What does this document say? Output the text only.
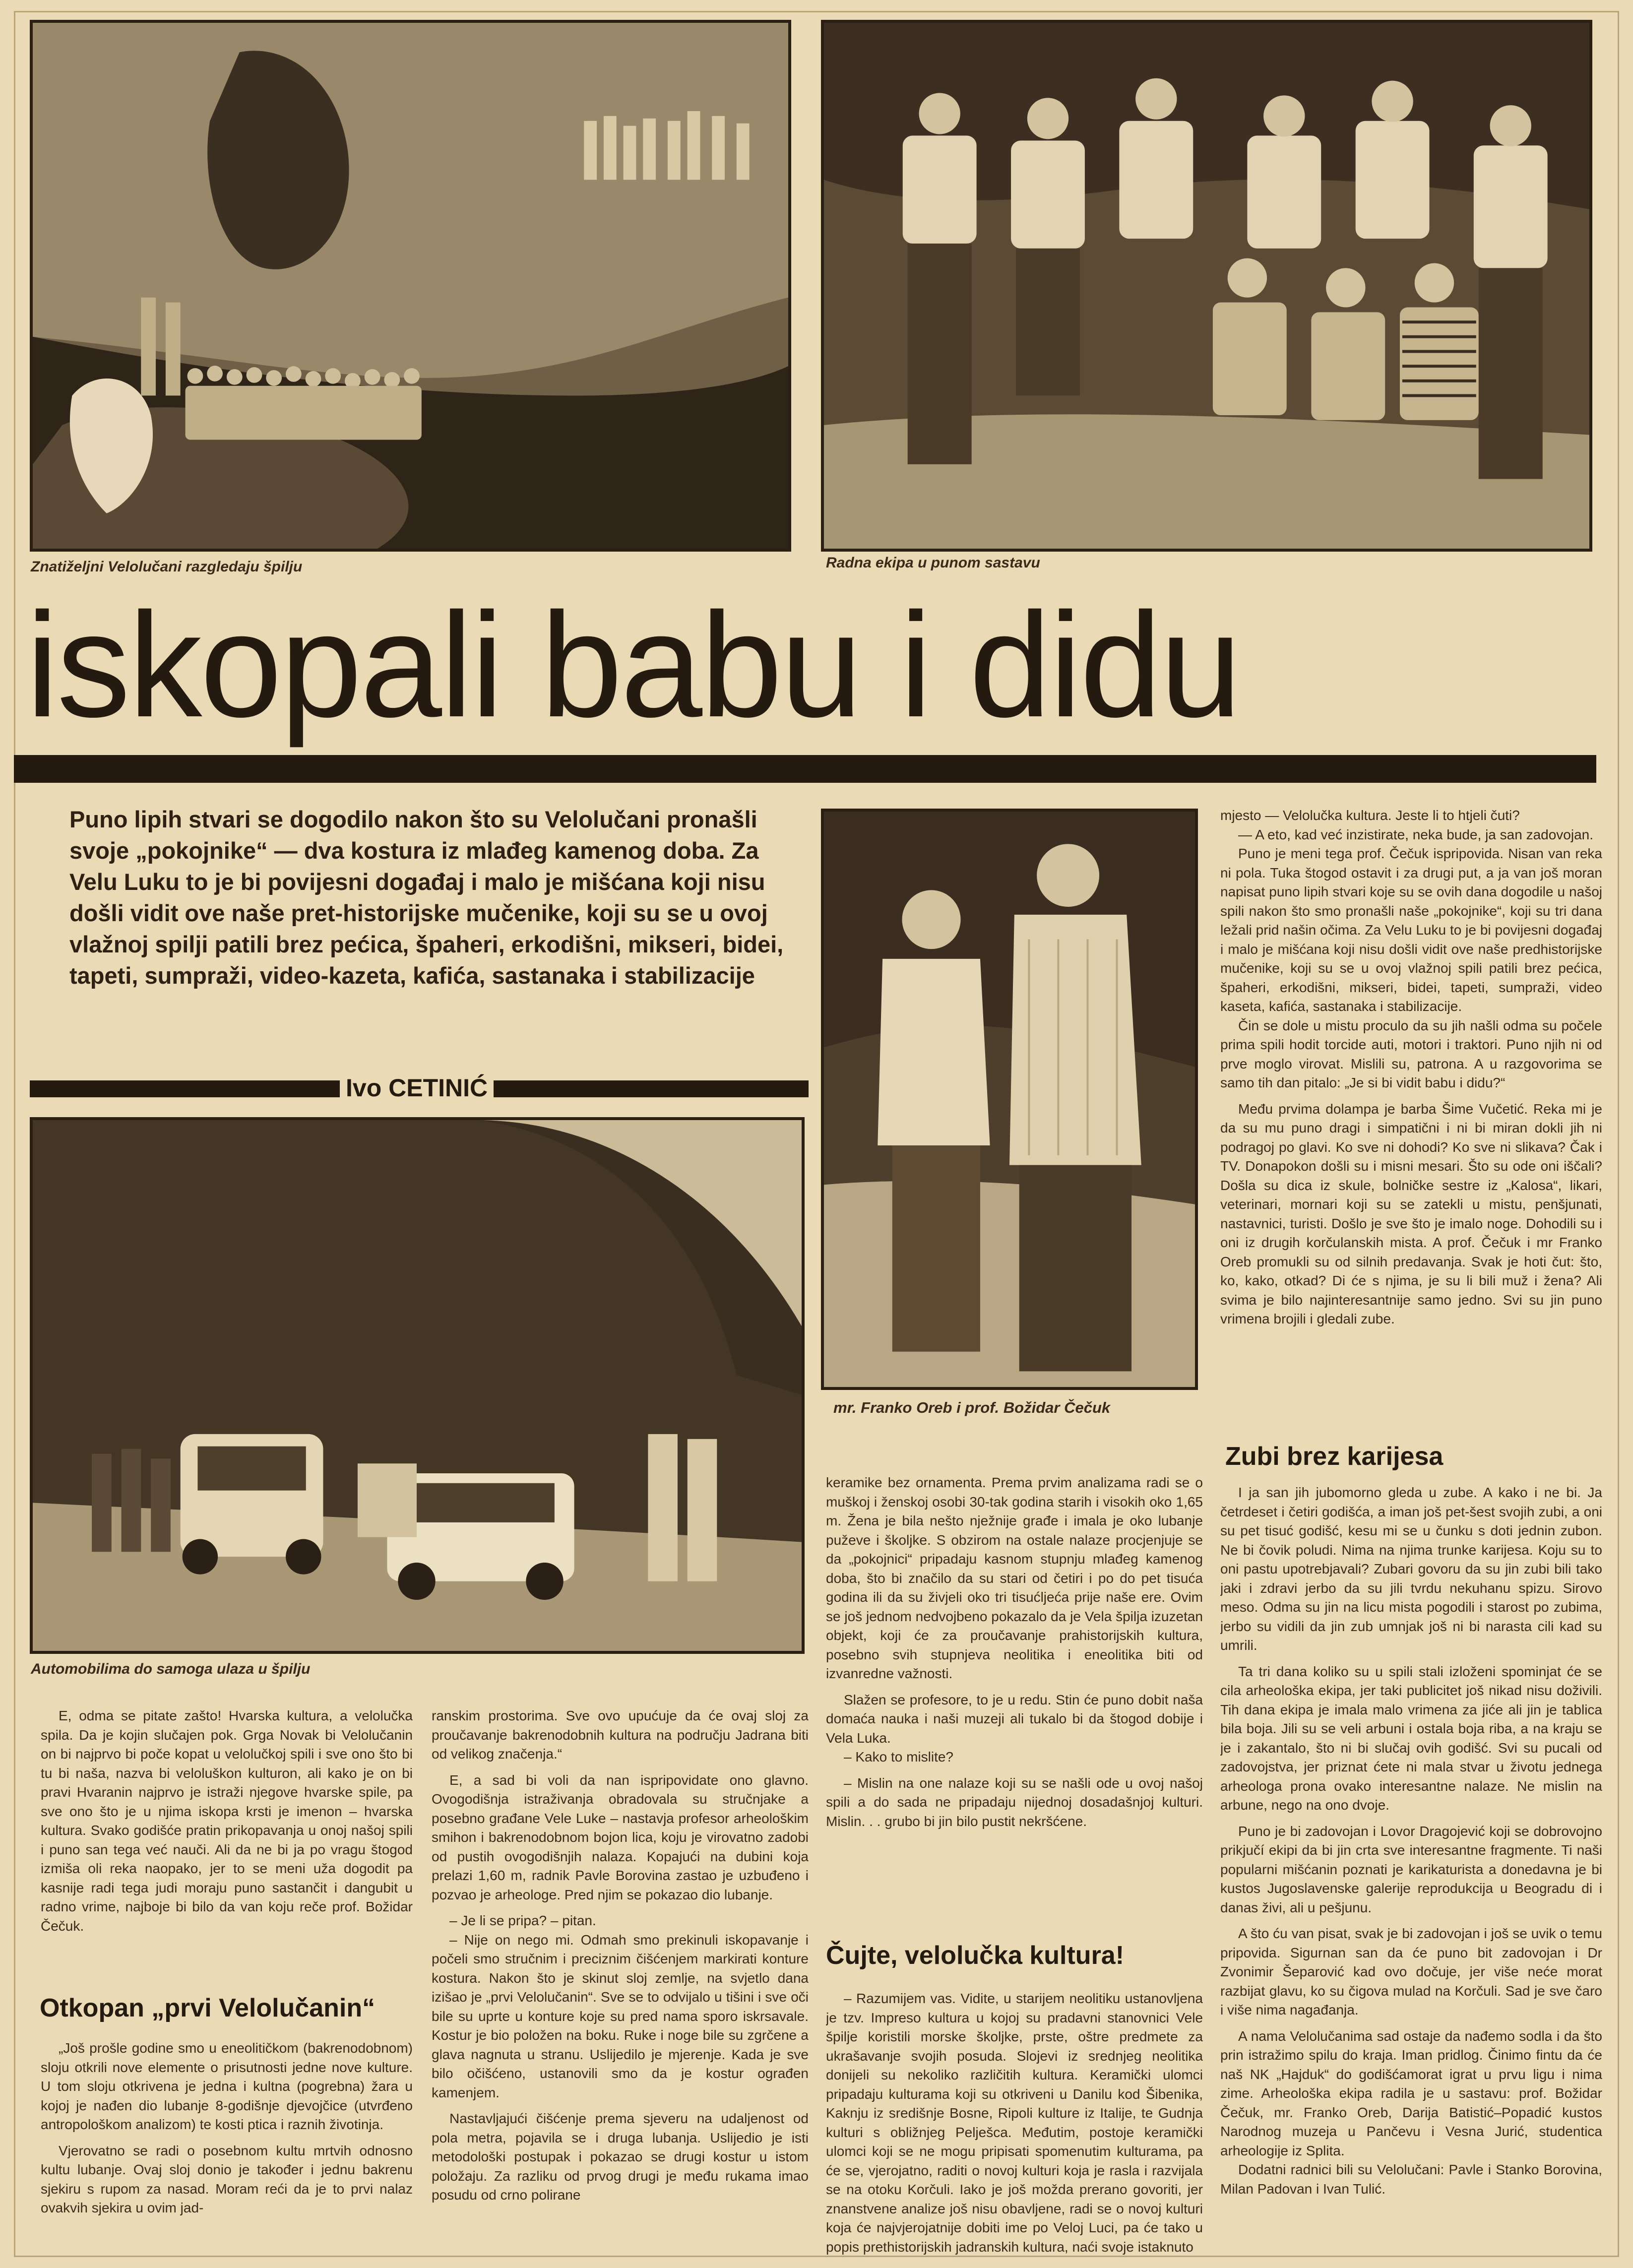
Znatiželjni Velolučani razgledaju špilju	Radna ekipa u punom sastavu
iskopali babu i didu
Puno lipih stvari se dogodilo nakon što su Velolučani pronašli svoje „pokojnike“ — dva kostura iz mlađeg kamenog doba. Za Velu Luku to je bi povijesni događaj i malo je mišćana koji nisu došli vidit ove naše pret-historijske mučenike, koji su se u ovoj vlažnoj spilji patili brez pećica, špaheri, erkodišni, mikseri, bidei, tapeti, sumpraži, video-kazeta, kafića, sastanaka i stabilizacije
Ivo CETINIĆ
mr. Franko Oreb i prof. Božidar Čečuk
Automobilima do samoga ulaza u špilju

E, odma se pitate zašto! Hvarska kultura, a velolučka spila. Da je kojin slučajen pok. Grga Novak bi Velolučanin on bi najprvo bi poče kopat u velolučkoj spili i sve ono što bi tu bi naša, nazva bi veloluškon kulturon, ali kako je on bi pravi Hvaranin najprvo je istraži njegove hvarske spile, pa sve ono što je u njima iskopa krsti je imenon – hvarska kultura. Svako godišće pratin prikopavanja u onoj našoj spili i puno san tega već nauči. Ali da ne bi ja po vragu štogod izmiša oli reka naopako, jer to se meni uža dogodit pa kasnije radi tega judi moraju puno sastančit i dangubit u radno vrime, najboje bi bilo da van koju reče prof. Božidar Čečuk.

Otkopan „prvi Velolučanin“

„Još prošle godine smo u eneolitičkom (bakrenodobnom) sloju otkrili nove elemente o prisutnosti jedne nove kulture. U tom sloju otkrivena je jedna i kultna (pogrebna) žara u kojoj je nađen dio lubanje 8-godišnje djevojčice (utvrđeno antropološkom analizom) te kosti ptica i raznih životinja.

Vjerovatno se radi o posebnom kultu mrtvih odnosno kultu lubanje. Ovaj sloj donio je također i jednu bakrenu sjekiru s rupom za nasad. Moram reći da je to prvi nalaz ovakvih sjekira u ovim jad-

ranskim prostorima. Sve ovo upućuje da će ovaj sloj za proučavanje bakrenodobnih kultura na području Jadrana biti od velikog značenja.“

E, a sad bi voli da nan ispripovidate ono glavno. Ovogodišnja istraživanja obradovala su stručnjake a posebno građane Vele Luke – nastavja profesor arheološkim smihon i bakrenodobnom bojon lica, koju je virovatno zadobi od pustih ovogodišnjih nalaza. Kopajući na dubini koja prelazi 1,60 m, radnik Pavle Borovina zastao je uzbuđeno i pozvao je arheologe. Pred njim se pokazao dio lubanje.

– Je li se pripa? – pitan.

– Nije on nego mi. Odmah smo prekinuli iskopavanje i počeli smo stručnim i preciznim čišćenjem markirati konture kostura. Nakon što je skinut sloj zemlje, na svjetlo dana izišao je „prvi Velolučanin“. Sve se to odvijalo u tišini i sve oči bile su uprte u konture koje su pred nama sporo iskrsavale. Kostur je bio položen na boku. Ruke i noge bile su zgrčene a glava nagnuta u stranu. Uslijedilo je mjerenje. Kada je sve bilo očišćeno, ustanovili smo da je kostur ograđen kamenjem.

Nastavljajući čišćenje prema sjeveru na udaljenost od pola metra, pojavila se i druga lubanja. Uslijedio je isti metodološki postupak i pokazao se drugi kostur u istom položaju. Za razliku od prvog drugi je među rukama imao posudu od crno polirane

keramike bez ornamenta. Prema prvim analizama radi se o muškoj i ženskoj osobi 30-tak godina starih i visokih oko 1,65 m. Žena je bila nešto nježnije građe i imala je oko lubanje puževe i školjke. S obzirom na ostale nalaze procjenjuje se da „pokojnici“ pripadaju kasnom stupnju mlađeg kamenog doba, što bi značilo da su stari od četiri i po do pet tisuća godina ili da su živjeli oko tri tisućljeća prije naše ere. Ovim se još jednom nedvojbeno pokazalo da je Vela špilja izuzetan objekt, koji će za proučavanje prahistorijskih kultura, posebno svih stupnjeva neolitika i eneolitika biti od izvanredne važnosti.

Slažen se profesore, to je u redu. Stin će puno dobit naša domaća nauka i naši muzeji ali tukalo bi da štogod dobije i Vela Luka.

– Kako to mislite?

– Mislin na one nalaze koji su se našli ode u ovoj našoj spili a do sada ne pripadaju nijednoj dosadašnjoj kulturi. Mislin. . . grubo bi jin bilo pustit nekršćene.

Čujte, velolučka kultura!

– Razumijem vas. Vidite, u starijem neolitiku ustanovljena je tzv. Impreso kultura u kojoj su pradavni stanovnici Vele špilje koristili morske školjke, prste, oštre predmete za ukrašavanje svojih posuda. Slojevi iz srednjeg neolitika donijeli su nekoliko različitih kultura. Keramički ulomci pripadaju kulturama koji su otkriveni u Danilu kod Šibenika, Kaknju iz središnje Bosne, Ripoli kulture iz Italije, te Gudnja kulturi s obližnjeg Pelješca. Međutim, postoje keramički ulomci koji se ne mogu pripisati spomenutim kulturama, pa će se, vjerojatno, raditi o novoj kulturi koja je rasla i razvijala se na otoku Korčuli. Iako je još možda prerano govoriti, jer znanstvene analize još nisu obavljene, radi se o novoj kulturi koja će najvjerojatnije dobiti ime po Veloj Luci, pa će tako u popis prethistorijskih jadranskih kultura, naći svoje istaknuto

mjesto — Velolučka kultura. Jeste li to htjeli čuti?

— A eto, kad već inzistirate, neka bude, ja san zadovojan.

Puno je meni tega prof. Čečuk ispripovida. Nisan van reka ni pola. Tuka štogod ostavit i za drugi put, a ja van još moran napisat puno lipih stvari koje su se ovih dana dogodile u našoj spili nakon što smo pronašli naše „pokojnike“, koji su tri dana ležali prid našin očima. Za Velu Luku to je bi povijesni događaj i malo je mišćana koji nisu došli vidit ove naše predhistorijske mučenike, koji su se u ovoj vlažnoj spili patili brez pećica, špaheri, erkodišni, mikseri, bidei, tapeti, sumpraži, video kaseta, kafića, sastanaka i stabilizacije.

Čin se dole u mistu proculo da su jih našli odma su počele prima spili hodit torcide auti, motori i traktori. Puno njih ni od prve moglo virovat. Mislili su, patrona. A u razgovorima se samo tih dan pitalo: „Je si bi vidit babu i didu?“

Među prvima dolampa je barba Šime Vučetić. Reka mi je da su mu puno dragi i simpatični i ni bi miran dokli jih ni podragoj po glavi. Ko sve ni dohodi? Ko sve ni slikava? Čak i TV. Donapokon došli su i misni mesari. Što su ode oni iščali? Došla su dica iz skule, bolničke sestre iz „Kalosa“, likari, veterinari, mornari koji su se zatekli u mistu, penšjunati, nastavnici, turisti. Došlo je sve što je imalo noge. Dohodili su i oni iz drugih korčulanskih mista. A prof. Čečuk i mr Franko Oreb promukli su od silnih predavanja. Svak je hoti čut: što, ko, kako, otkad? Di će s njima, je su li bili muž i žena? Ali svima je bilo najinteresantnije samo jedno. Svi su jin puno vrimena brojili i gledali zube.

Zubi brez karijesa

I ja san jih jubomorno gleda u zube. A kako i ne bi. Ja četrdeset i četiri godišća, a iman još pet-šest svojih zubi, a oni su pet tisuć godišć, kesu mi se u čunku s doti jednin zubon. Ne bi čovik poludi. Nima na njima trunke karijesa. Koju su to oni pastu upotrebjavali? Zubari govoru da su jin zubi bili tako jaki i zdravi jerbo da su jili tvrdu nekuhanu spizu. Sirovo meso. Odma su jin na licu mista pogodili i starost po zubima, jerbo su vidili da jin zub umnjak još ni bi narasta cili kad su umrili.

Ta tri dana koliko su u spili stali izloženi spominjat će se cila arheološka ekipa, jer taki publicitet još nikad nisu doživili. Tih dana ekipa je imala malo vrimena za jiće ali jin je tablica bila boja. Jili su se veli arbuni i ostala boja riba, a na kraju se je i zakantalo, što ni bi slučaj ovih godišć. Svi su pucali od zadovojstva, jer priznat ćete ni mala stvar u životu jednega arheologa prona ovako interesantne nalaze. Ne mislin na arbune, nego na ono dvoje.

Puno je bi zadovojan i Lovor Dragojević koji se dobrovojno prikjučí ekipi da bi jin crta sve interesantne fragmente. Ti naši popularni mišćanin poznati je karikaturista a donedavna je bi kustos Jugoslavenske galerije reprodukcija u Beogradu di i danas živi, ali u pešjunu.

A što ću van pisat, svak je bi zadovojan i još se uvik o temu pripovida. Sigurnan san da će puno bit zadovojan i Dr Zvonimir Šeparović kad ovo dočuje, jer više neće morat razbijat glavu, ko su čigova mulad na Korčuli. Sad je sve čaro i više nima nagađanja.

A nama Velolučanima sad ostaje da nađemo sodla i da što prin istražimo spilu do kraja. Iman pridlog. Činimo fintu da će naš NK „Hajduk“ do godišćamorat igrat u prvu ligu i nima zime. Arheološka ekipa radila je u sastavu: prof. Božidar Čečuk, mr. Franko Oreb, Darija Batistić–Popadić kustos Narodnog muzeja u Pančevu i Vesna Jurić, studentica arheologije iz Splita.

Dodatni radnici bili su Velolučani: Pavle i Stanko Borovina, Milan Padovan i Ivan Tulić.
